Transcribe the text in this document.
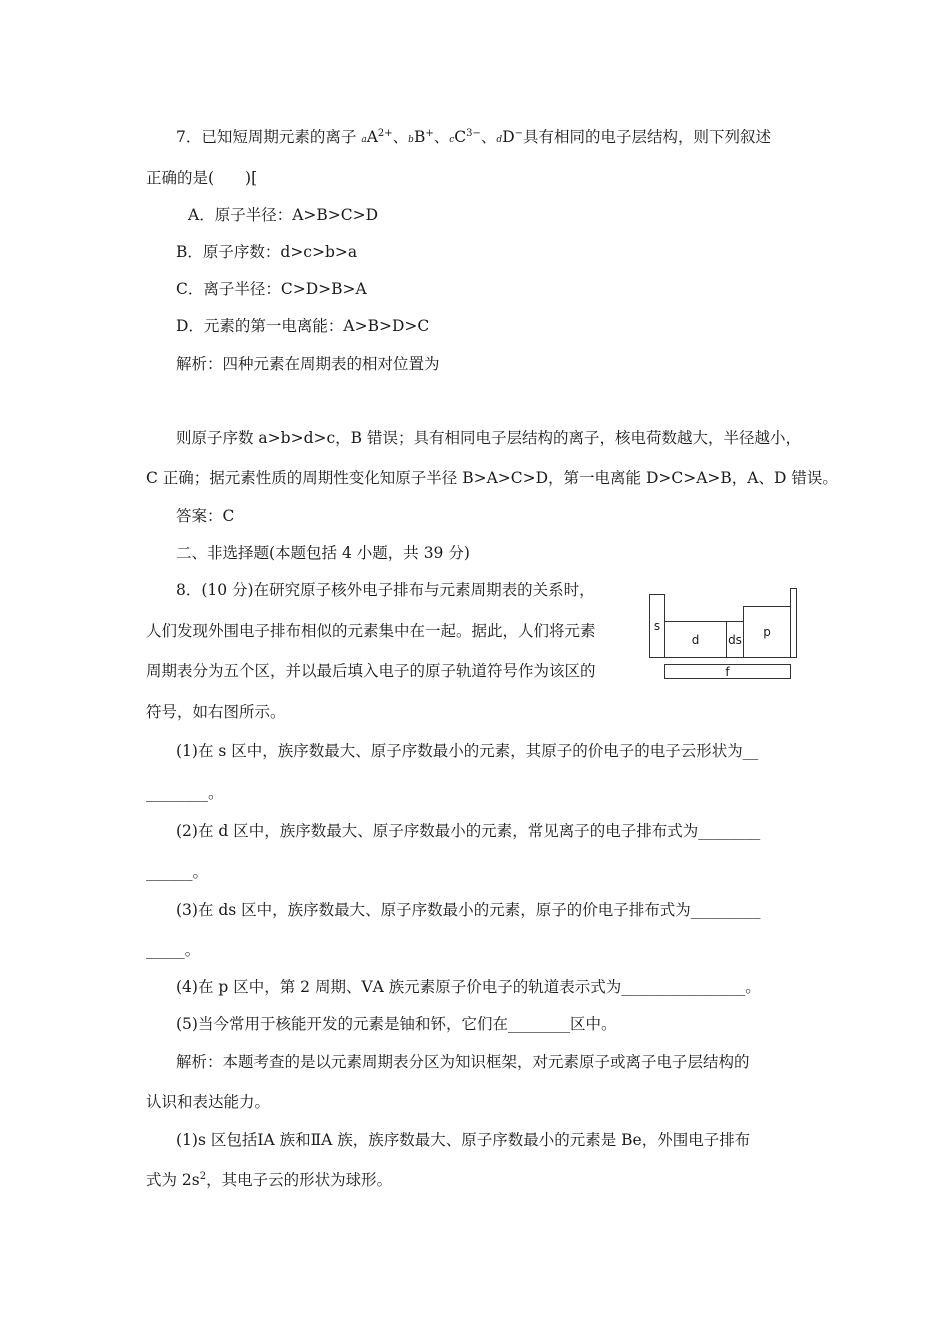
7．已知短周期元素的离子 $aA^{2+}$、bB+、$cC^{3-}$、dD−具有相同的电子层结构，则下列叙述
正确的是(　　)[
A．原子半径：A>B>C>D
B．原子序数：d>c>b>a
C．离子半径：C>D>B>A
D．元素的第一电离能：A>B>D>C
解析：四种元素在周期表的相对位置为
则原子序数 a>b>d>c，B 错误；具有相同电子层结构的离子，核电荷数越大，半径越小，
C 正确；据元素性质的周期性变化知原子半径 B>A>C>D，第一电离能 D>C>A>B，A、D 错误。
答案：C
二、非选择题(本题包括 4 小题，共 39 分)
8．(10 分)在研究原子核外电子排布与元素周期表的关系时，
人们发现外围电子排布相似的元素集中在一起。据此，人们将元素
周期表分为五个区，并以最后填入电子的原子轨道符号作为该区的
符号，如右图所示。
s
d	ds
p
f
(1)在 s 区中，族序数最大、原子序数最小的元素，其原子的价电子的电子云形状为__
________。
(2)在 d 区中，族序数最大、原子序数最小的元素，常见离子的电子排布式为________
______。
(3)在 ds 区中，族序数最大、原子序数最小的元素，原子的价电子排布式为_________
_____。
(4)在 p 区中，第 2 周期、ⅤA 族元素原子价电子的轨道表示式为________________。
(5)当今常用于核能开发的元素是铀和钚，它们在________区中。
解析：本题考查的是以元素周期表分区为知识框架，对元素原子或离子电子层结构的
认识和表达能力。
(1)s 区包括ⅠA 族和ⅡA 族，族序数最大、原子序数最小的元素是 Be，外围电子排布
式为 $2s^2$，其电子云的形状为球形。
